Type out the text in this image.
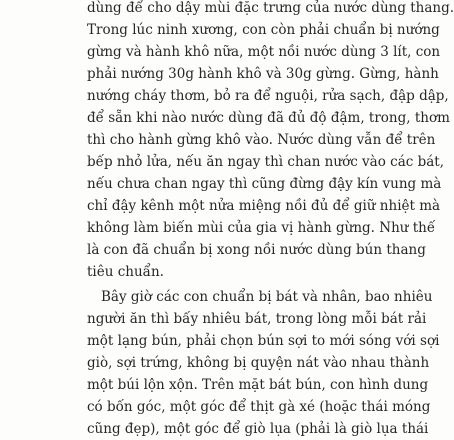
dùng để cho dậy mùi đặc trưng của nước dùng thang.
Trong lúc ninh xương, con còn phải chuẩn bị nướng
gừng và hành khô nữa, một nồi nước dùng 3 lít, con
phải nướng 30g hành khô và 30g gừng. Gừng, hành
nướng cháy thơm, bỏ ra để nguội, rửa sạch, đập dập,
để sẵn khi nào nước dùng đã đủ độ đậm, trong, thơm
thì cho hành gừng khô vào. Nước dùng vẫn để trên
bếp nhỏ lửa, nếu ăn ngay thì chan nước vào các bát,
nếu chưa chan ngay thì cũng đừng đậy kín vung mà
chỉ đậy kênh một nửa miệng nồi đủ để giữ nhiệt mà
không làm biến mùi của gia vị hành gừng. Như thế
là con đã chuẩn bị xong nồi nước dùng bún thang
tiêu chuẩn.
Bây giờ các con chuẩn bị bát và nhân, bao nhiêu
người ăn thì bấy nhiêu bát, trong lòng mỗi bát rải
một lạng bún, phải chọn bún sợi to mới sóng với sợi
giò, sợi trứng, không bị quyện nát vào nhau thành
một búi lộn xộn. Trên mặt bát bún, con hình dung
có bốn góc, một góc để thịt gà xé (hoặc thái móng
cũng đẹp), một góc để giò lụa (phải là giò lụa thái
